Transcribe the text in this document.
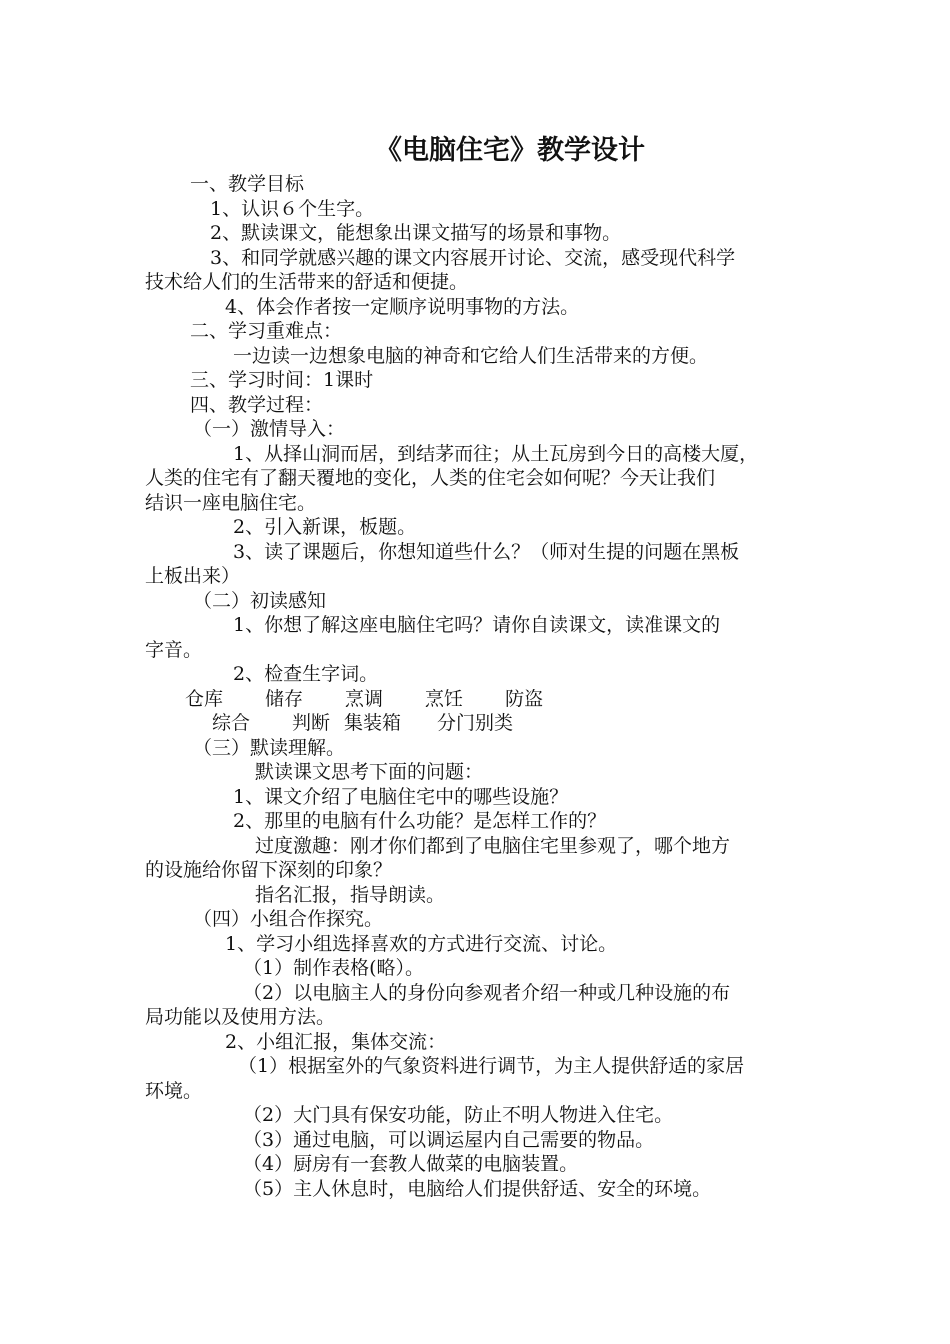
《电脑住宅》教学设计
一、教学目标
1、认识６个生字。
2、默读课文，能想象出课文描写的场景和事物。
3、和同学就感兴趣的课文内容展开讨论、交流，感受现代科学
技术给人们的生活带来的舒适和便捷。
4、体会作者按一定顺序说明事物的方法。
二、学习重难点：
一边读一边想象电脑的神奇和它给人们生活带来的方便。
三、学习时间：1课时
四、教学过程：
（一）激情导入：
1、从择山洞而居，到结茅而往；从土瓦房到今日的高楼大厦，
人类的住宅有了翻天覆地的变化，人类的住宅会如何呢？今天让我们
结识一座电脑住宅。
2、引入新课，板题。
3、读了课题后，你想知道些什么？（师对生提的问题在黑板
上板出来）
（二）初读感知
1、你想了解这座电脑住宅吗？请你自读课文，读准课文的
字音。
2、检查生字词。
仓库 储存 烹调 烹饪 防盗
综合 判断 集装箱 分门别类
（三）默读理解。
默读课文思考下面的问题：
1、课文介绍了电脑住宅中的哪些设施？
2、那里的电脑有什么功能？是怎样工作的？
过度激趣：刚才你们都到了电脑住宅里参观了，哪个地方
的设施给你留下深刻的印象？
指名汇报，指导朗读。
（四）小组合作探究。
1、学习小组选择喜欢的方式进行交流、讨论。
（1）制作表格(略）。
（2）以电脑主人的身份向参观者介绍一种或几种设施的布
局功能以及使用方法。
2、小组汇报，集体交流：
（1）根据室外的气象资料进行调节，为主人提供舒适的家居
环境。
（2）大门具有保安功能，防止不明人物进入住宅。
（3）通过电脑，可以调运屋内自己需要的物品。
（4）厨房有一套教人做菜的电脑装置。
（5）主人休息时，电脑给人们提供舒适、安全的环境。
